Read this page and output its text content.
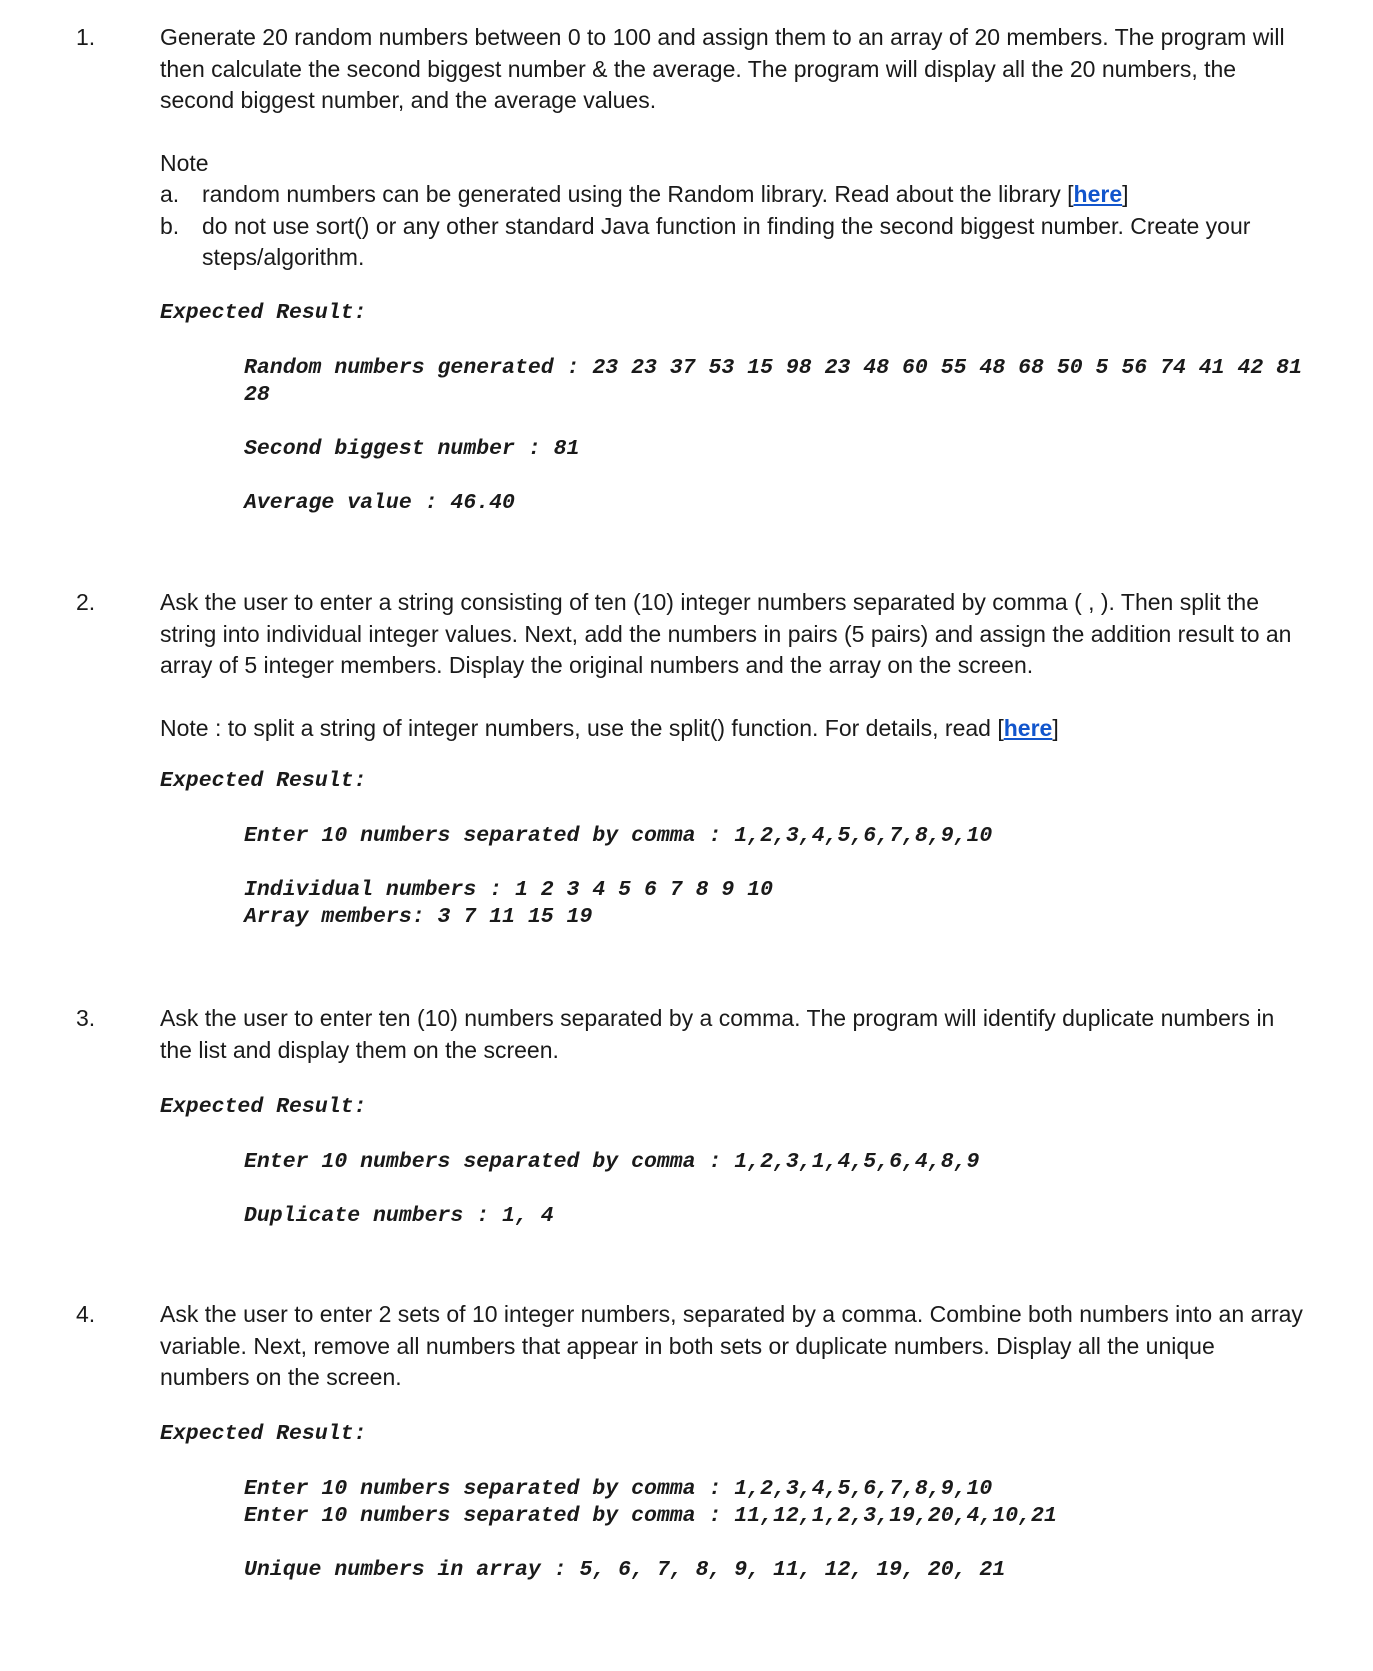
1.	Generate 20 random numbers between 0 to 100 and assign them to an array of 20 members. The program will then calculate the second biggest number & the average. The program will display all the 20 numbers, the second biggest number, and the average values.

Note

a. random numbers can be generated using the Random library. Read about the library [here]
b. do not use sort() or any other standard Java function in finding the second biggest number. Create your steps/algorithm.

Expected Result:

Random numbers generated : 23 23 37 53 15 98 23 48 60 55 48 68 50 5 56 74 41 42 81

28

Second biggest number : 81

Average value : 46.40

2.	Ask the user to enter a string consisting of ten (10) integer numbers separated by comma ( , ). Then split the string into individual integer values. Next, add the numbers in pairs (5 pairs) and assign the addition result to an array of 5 integer members. Display the original numbers and the array on the screen.

Note : to split a string of integer numbers, use the split() function. For details, read [here]

Expected Result:

Enter 10 numbers separated by comma : 1,2,3,4,5,6,7,8,9,10

Individual numbers : 1 2 3 4 5 6 7 8 9 10

Array members: 3 7 11 15 19

3.	Ask the user to enter ten (10) numbers separated by a comma. The program will identify duplicate numbers in the list and display them on the screen.

Expected Result:

Enter 10 numbers separated by comma : 1,2,3,1,4,5,6,4,8,9

Duplicate numbers : 1, 4

4.	Ask the user to enter 2 sets of 10 integer numbers, separated by a comma. Combine both numbers into an array variable. Next, remove all numbers that appear in both sets or duplicate numbers. Display all the unique numbers on the screen.

Expected Result:

Enter 10 numbers separated by comma : 1,2,3,4,5,6,7,8,9,10

Enter 10 numbers separated by comma : 11,12,1,2,3,19,20,4,10,21

Unique numbers in array : 5, 6, 7, 8, 9, 11, 12, 19, 20, 21
